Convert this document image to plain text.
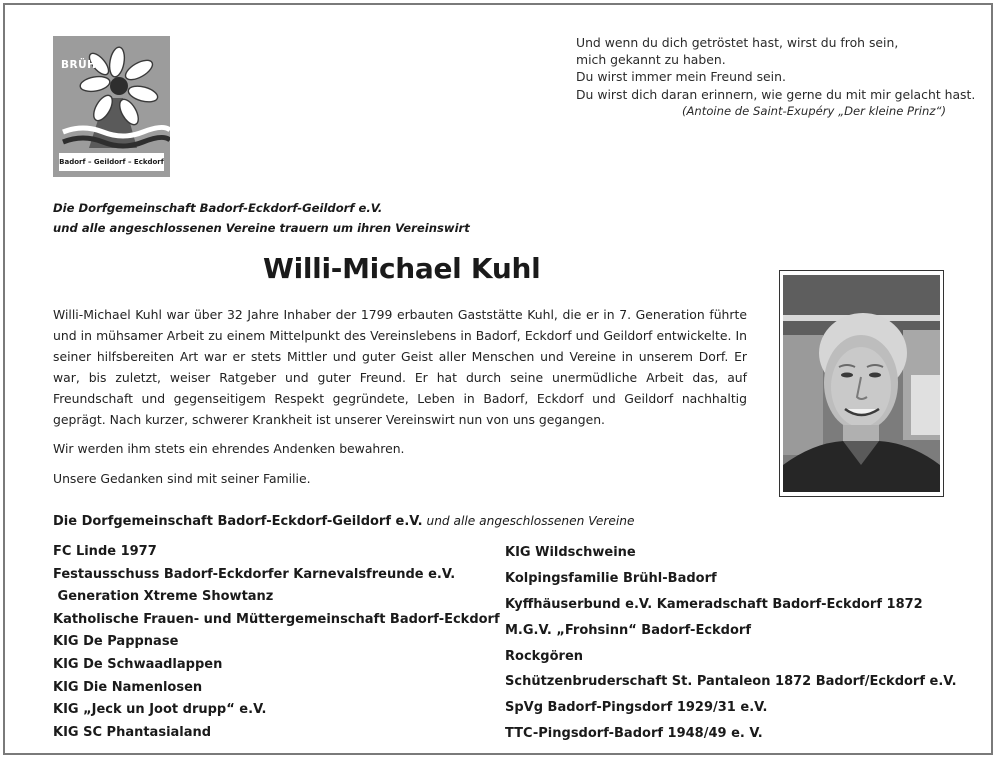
BRÜHL
Badorf – Geildorf – Eckdorf
Und wenn du dich getröstet hast, wirst du froh sein,
mich gekannt zu haben.
Du wirst immer mein Freund sein.
Du wirst dich daran erinnern, wie gerne du mit mir gelacht hast.
(Antoine de Saint-Exupéry „Der kleine Prinz“)
Die Dorfgemeinschaft Badorf-Eckdorf-Geildorf e.V.
und alle angeschlossenen Vereine trauern um ihren Vereinswirt
Willi-Michael Kuhl

Willi-Michael Kuhl war über 32 Jahre Inhaber der 1799 erbauten Gaststätte Kuhl, die er in 7. Generation führte und in mühsamer Arbeit zu einem Mittelpunkt des Vereinslebens in Badorf, Eckdorf und Geildorf entwickelte. In seiner hilfsbereiten Art war er stets Mittler und guter Geist aller Menschen und Vereine in unserem Dorf. Er war, bis zuletzt, weiser Ratgeber und guter Freund. Er hat durch seine unermüdliche Arbeit das, auf Freundschaft und gegenseitigem Respekt gegründete, Leben in Badorf, Eckdorf und Geildorf nachhaltig geprägt. Nach kurzer, schwerer Krankheit ist unserer Vereinswirt nun von uns gegangen.

Wir werden ihm stets ein ehrendes Andenken bewahren.

Unsere Gedanken sind mit seiner Familie.

Die Dorfgemeinschaft Badorf-Eckdorf-Geildorf e.V. und alle angeschlossenen Vereine
FC Linde 1977
Festausschuss Badorf-Eckdorfer Karnevalsfreunde e.V.
Generation Xtreme Showtanz
Katholische Frauen- und Müttergemeinschaft Badorf-Eckdorf
KIG De Pappnase
KIG De Schwaadlappen
KIG Die Namenlosen
KIG „Jeck un Joot drupp“ e.V.
KIG SC Phantasialand
KIG Wildschweine
Kolpingsfamilie Brühl-Badorf
Kyffhäuserbund e.V. Kameradschaft Badorf-Eckdorf 1872
M.G.V. „Frohsinn“ Badorf-Eckdorf
Rockgören
Schützenbruderschaft St. Pantaleon 1872 Badorf/Eckdorf e.V.
SpVg Badorf-Pingsdorf 1929/31 e.V.
TTC-Pingsdorf-Badorf 1948/49 e. V.
